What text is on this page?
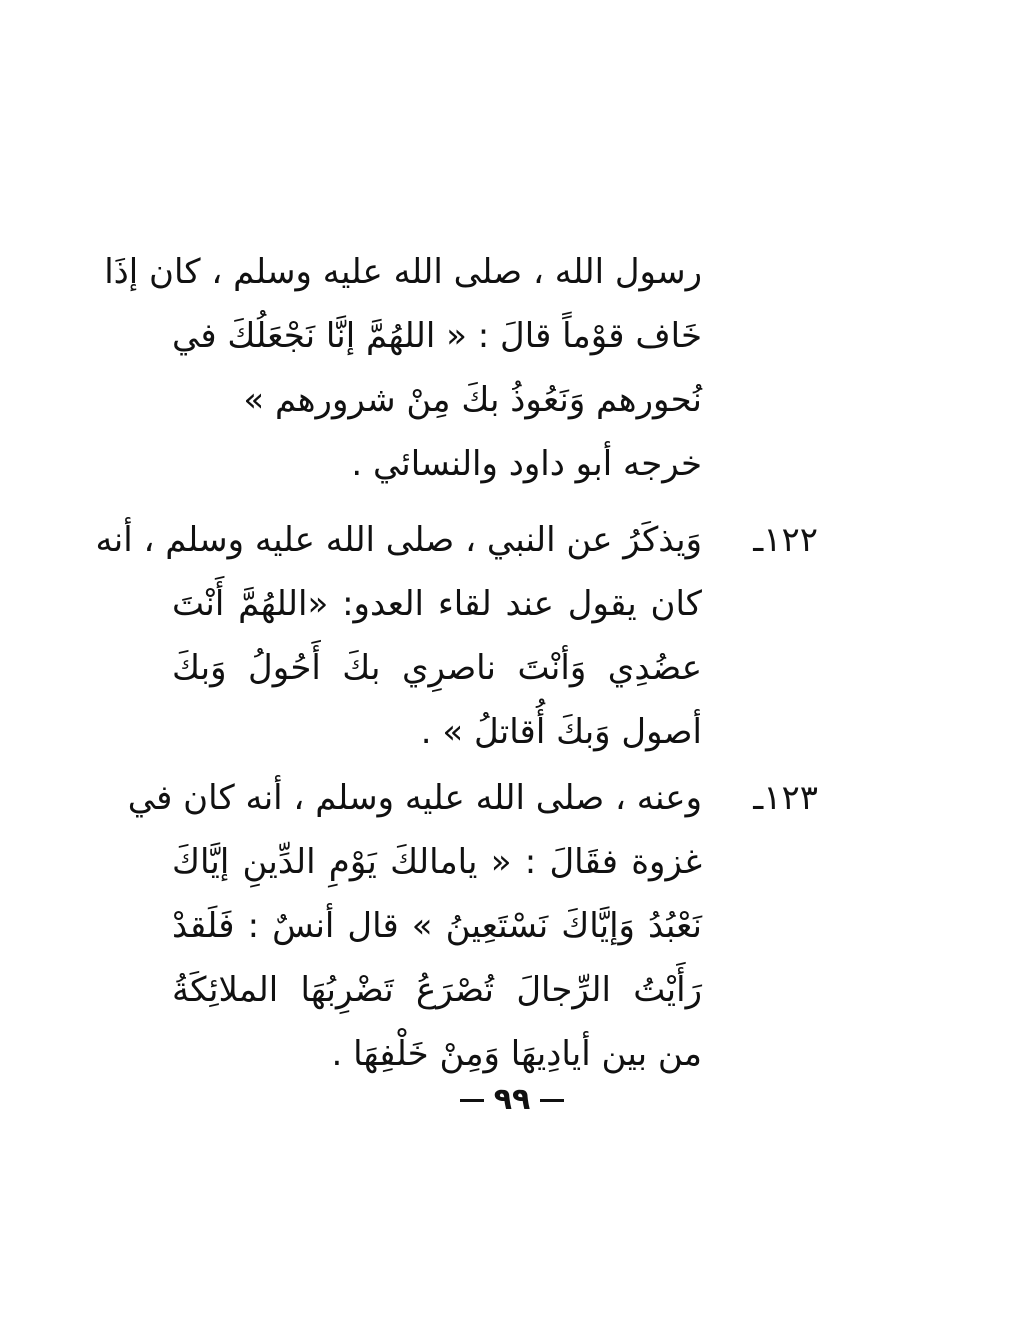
رسول الله ، صلى الله عليه وسلم ، كان إذَا
خَاف قوْماً قالَ : « اللهُمَّ إنَّا نَجْعَلُكَ في
نُحورهم وَنَعُوذُ بكَ مِنْ شرورهم »
خرجه أبو داود والنسائي .
١٢٢ـ
وَيذكَرُ عن النبي ، صلى الله عليه وسلم ، أنه
كان يقول عند لقاء العدو: «اللهُمَّ أَنْتَ
عضُدِي وَأنْتَ ناصرِي بكَ أَحُولُ وَبكَ
أصول وَبكَ أُقاتلُ » .
١٢٣ـ
وعنه ، صلى الله عليه وسلم ، أنه كان في
غزوة فقَالَ : « يامالكَ يَوْمِ الدِّينِ إيَّاكَ
نَعْبُدُ وَإيَّاكَ نَسْتَعِينُ » قال أنسٌ : فَلَقدْ
رَأَيْتُ الرِّجالَ تُصْرَعُ تَضْرِبُهَا الملائِكَةُ
من بين أيادِيهَا وَمِنْ خَلْفِهَا .
٩٩
